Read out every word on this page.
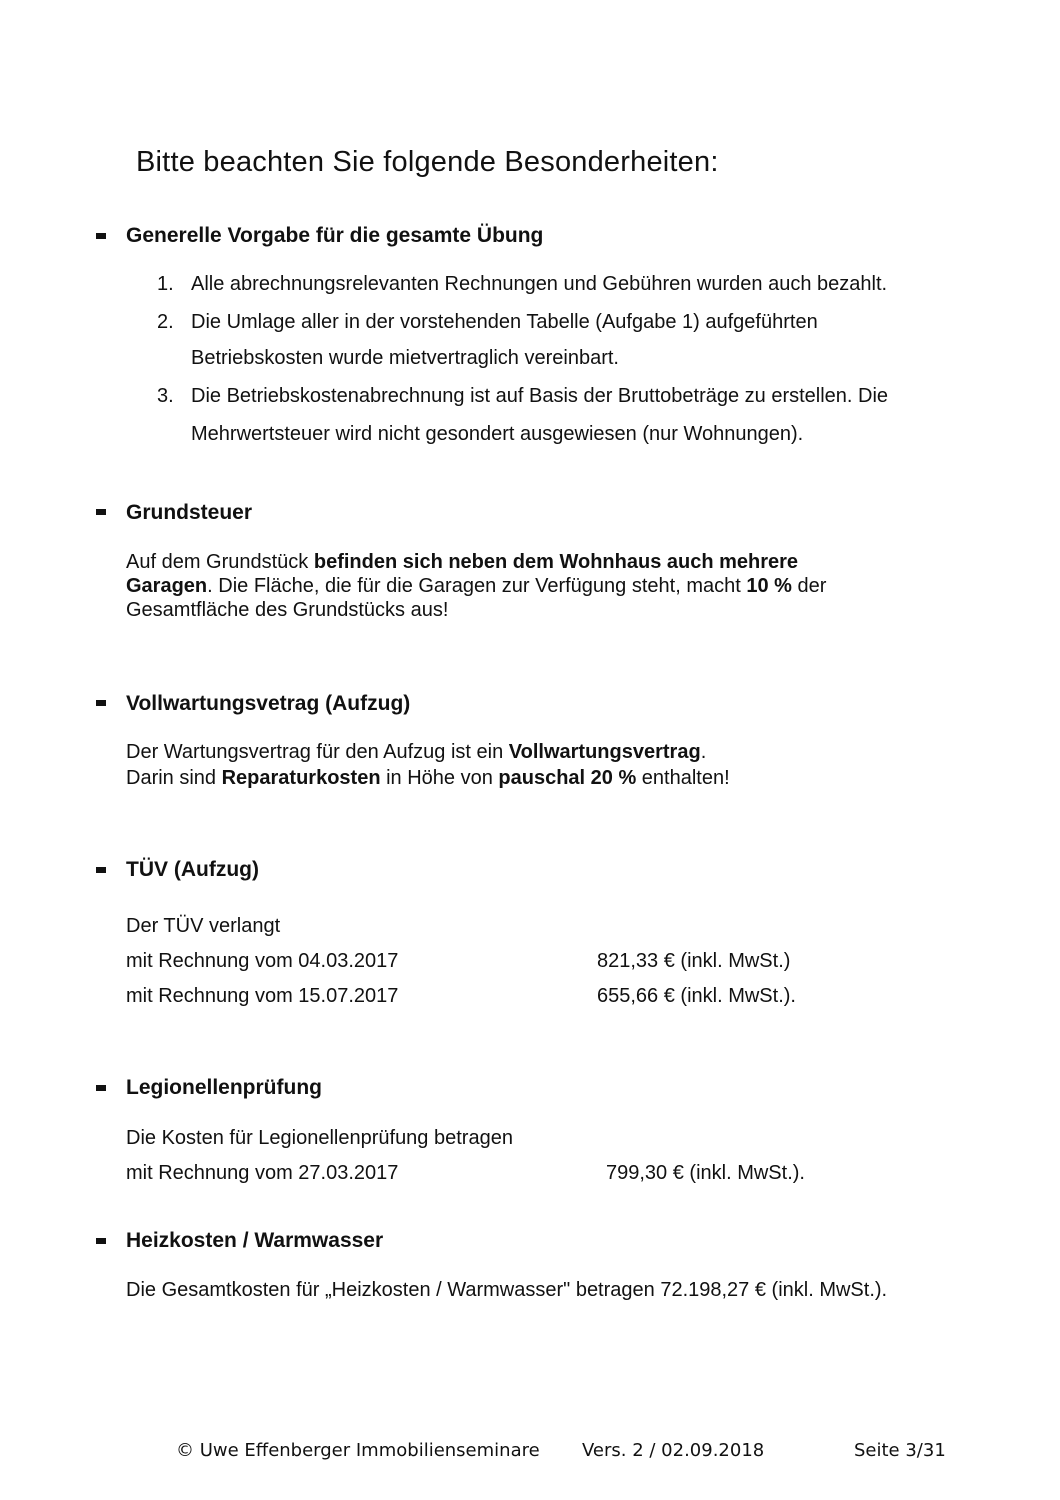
Bitte beachten Sie folgende Besonderheiten:
Generelle Vorgabe für die gesamte Übung
1. Alle abrechnungsrelevanten Rechnungen und Gebühren wurden auch bezahlt.
2. Die Umlage aller in der vorstehenden Tabelle (Aufgabe 1) aufgeführten
Betriebskosten wurde mietvertraglich vereinbart.
3. Die Betriebskostenabrechnung ist auf Basis der Bruttobeträge zu erstellen. Die
Mehrwertsteuer wird nicht gesondert ausgewiesen (nur Wohnungen).
Grundsteuer
Auf dem Grundstück befinden sich neben dem Wohnhaus auch mehrere
Garagen. Die Fläche, die für die Garagen zur Verfügung steht, macht 10 % der
Gesamtfläche des Grundstücks aus!
Vollwartungsvetrag (Aufzug)
Der Wartungsvertrag für den Aufzug ist ein Vollwartungsvertrag.
Darin sind Reparaturkosten in Höhe von pauschal 20 % enthalten!
TÜV (Aufzug)
Der TÜV verlangt
mit Rechnung vom 04.03.2017	821,33 € (inkl. MwSt.)
mit Rechnung vom 15.07.2017	655,66 € (inkl. MwSt.).
Legionellenprüfung
Die Kosten für Legionellenprüfung betragen
mit Rechnung vom 27.03.2017	799,30 € (inkl. MwSt.).
Heizkosten / Warmwasser
Die Gesamtkosten für „Heizkosten / Warmwasser" betragen 72.198,27 € (inkl. MwSt.).
© Uwe Effenberger Immobilienseminare Vers. 2 / 02.09.2018	Seite 3/31
